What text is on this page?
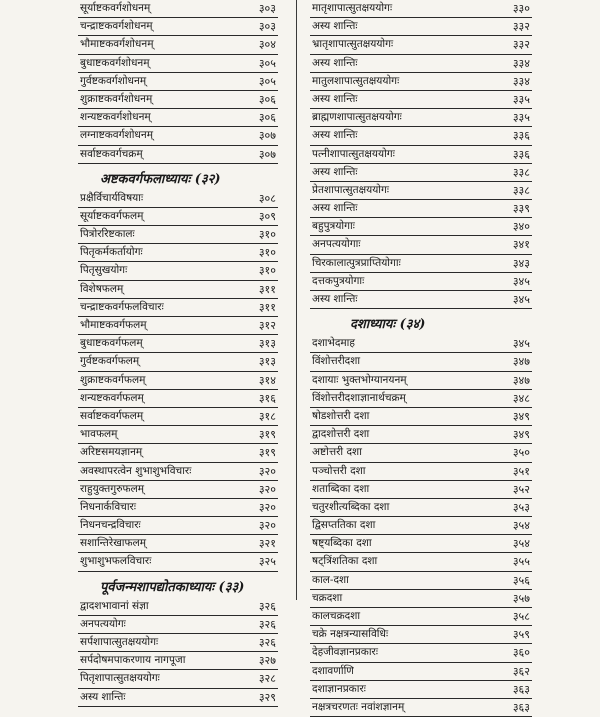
सूर्याष्टकवर्गशोधनम्	३०३
चन्द्राष्टकवर्गशोधनम्	३०३
भौमाष्टकवर्गशोधनम्	३०४
बुधाष्टकवर्गशोधनम्	३०५
गुर्वष्टकवर्गशोधनम्	३०५
शुक्राष्टकवर्गशोधनम्	३०६
शन्यष्टकवर्गशोधनम्	३०६
लग्नाष्टकवर्गशोधनम्	३०७
सर्वाष्टकवर्गचक्रम्	३०७
अष्टकवर्गफलाध्यायः (३२)
प्रक्षैर्विचार्यविषयाः	३०८
सूर्याष्टकवर्गफलम्	३०९
पित्रोररिष्टकालः	३१०
पितृकर्मकर्तायोगः	३१०
पितृसुखयोगः	३१०
विशेषफलम्	३११
चन्द्राष्टकवर्गफलविचारः	३११
भौमाष्टकवर्गफलम्	३१२
बुधाष्टकवर्गफलम्	३१३
गुर्वष्टकवर्गफलम्	३१३
शुक्राष्टकवर्गफलम्	३१४
शन्यष्टकवर्गफलम्	३१६
सर्वाष्टकवर्गफलम्	३१८
भावफलम्	३१९
अरिष्टसमयज्ञानम्	३१९
अवस्थापरत्वेन शुभाशुभविचारः	३२०
राहुयुक्तगुरुफलम्	३२०
निधनार्कविचारः	३२०
निधनचन्द्रविचारः	३२०
सशान्तिरेखाफलम्	३२१
शुभाशुभफलविचारः	३२५
पूर्वजन्मशापद्योतकाध्यायः (३३)
द्वादशभावानां संज्ञा	३२६
अनपत्ययोगः	३२६
सर्पशापात्सुतक्षययोगः	३२६
सर्पदोषमपाकरणाय नागपूजा	३२७
पितृशापात्सुतक्षययोगः	३२८
अस्य शान्तिः	३२९
मातृशापात्सुतक्षययोगः	३३०
अस्य शान्तिः	३३२
भ्रातृशापात्सुतक्षययोगः	३३२
अस्य शान्तिः	३३४
मातुलशापात्सुतक्षययोगः	३३४
अस्य शान्तिः	३३५
ब्राह्मणशापात्सुतक्षययोगः	३३५
अस्य शान्तिः	३३६
पत्नीशापात्सुतक्षययोगः	३३६
अस्य शान्तिः	३३८
प्रेतशापात्सुतक्षययोगः	३३८
अस्य शान्तिः	३३९
बहुपुत्रयोगाः	३४०
अनपत्ययोगाः	३४१
चिरकालात्पुत्रप्राप्तियोगाः	३४३
दत्तकपुत्रयोगाः	३४५
अस्य शान्तिः	३४५
दशाध्यायः (३४)
दशाभेदमाह	३४५
विंशोत्तरीदशा	३४७
दशायाः भुक्तभोग्यानयनम्	३४७
विंशोत्तरीदशाज्ञानार्थचक्रम्	३४८
षोडशोत्तरी दशा	३४९
द्वादशोत्तरी दशा	३४९
अष्टोत्तरी दशा	३५०
पञ्चोत्तरी दशा	३५१
शताब्दिका दशा	३५२
चतुरशीत्यब्दिका दशा	३५३
द्विसप्ततिका दशा	३५४
षष्ट्यब्दिका दशा	३५४
षट्त्रिंशतिका दशा	३५५
काल-दशा	३५६
चक्रदशा	३५७
कालचक्रदशा	३५८
चक्रे नक्षत्रन्यासविधिः	३५९
देहजीवज्ञानप्रकारः	३६०
दशावर्णाणि	३६२
दशाज्ञानप्रकारः	३६३
नक्षत्रचरणतः नवांशज्ञानम्	३६३
